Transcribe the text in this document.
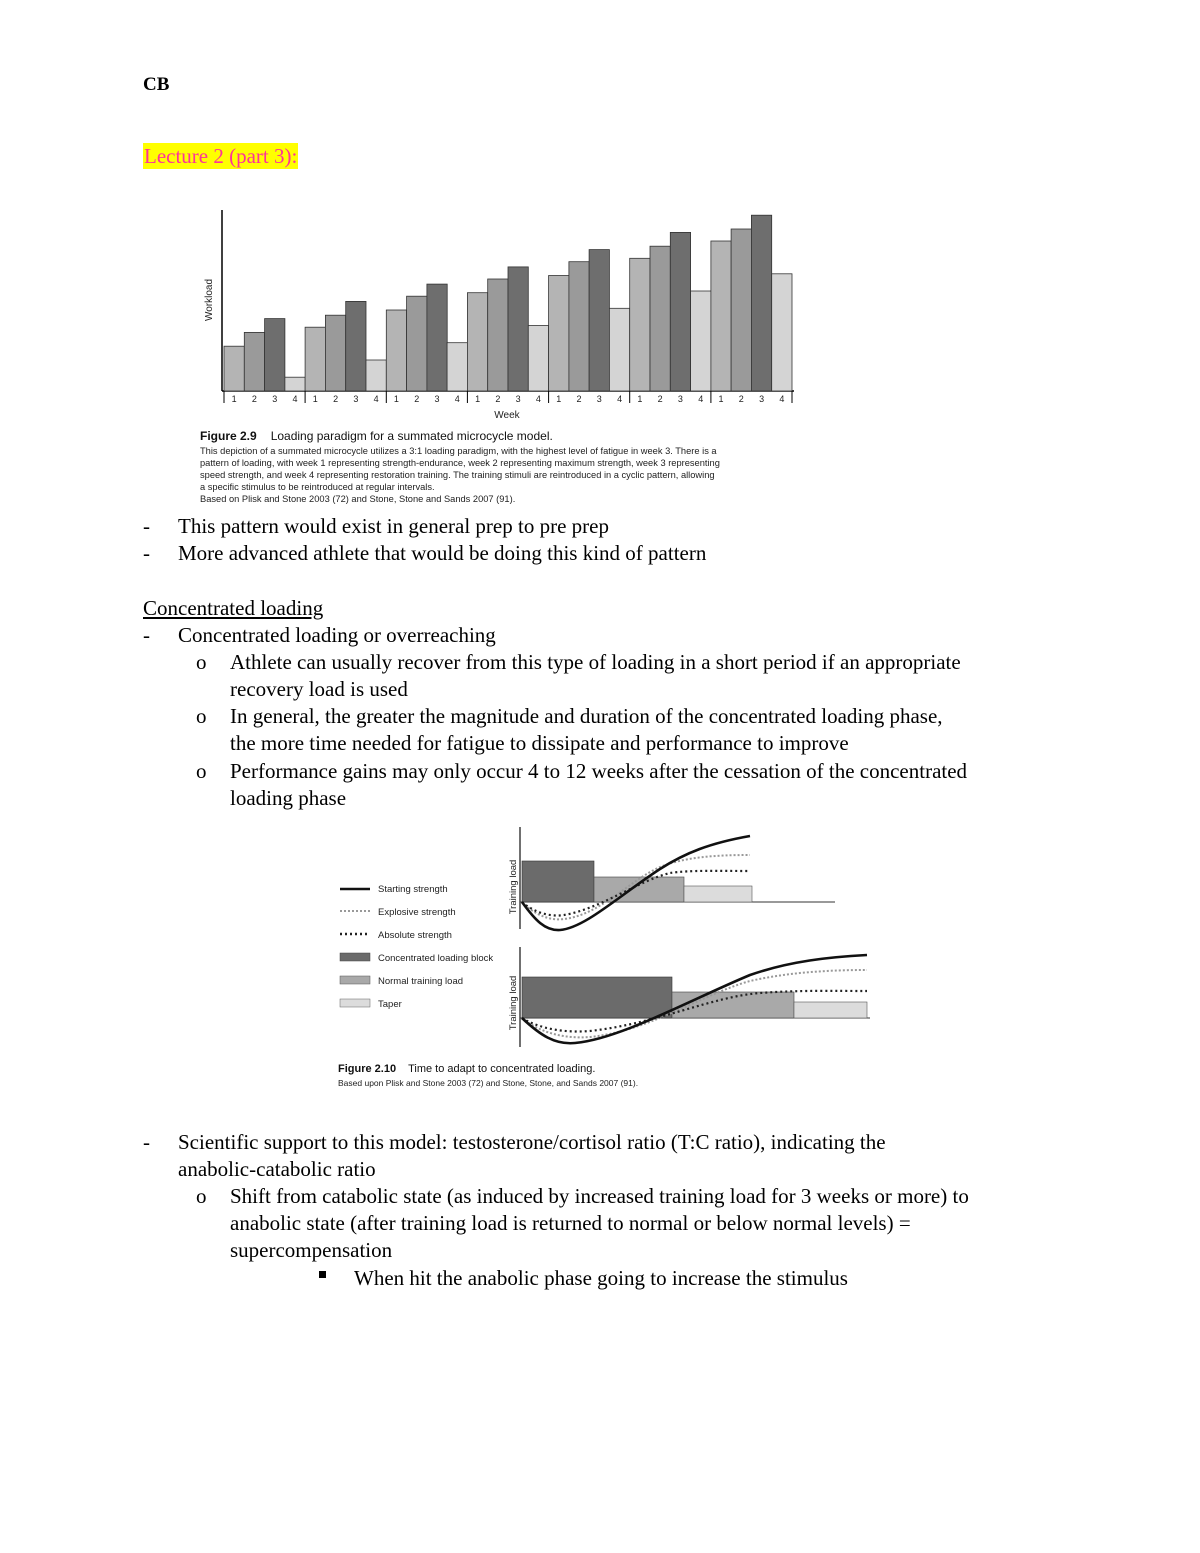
CB
Lecture 2 (part 3):
Workload
1 2 3 4 1 2 3 4 1 2 3 4 1 2 3 4 1 2 3 4 1 2 3 4 1 2 3 4
Week
Figure 2.9 Loading paradigm for a summated microcycle model.
This depiction of a summated microcycle utilizes a 3:1 loading paradigm, with the highest level of fatigue in week 3. There is a
pattern of loading, with week 1 representing strength-endurance, week 2 representing maximum strength, week 3 representing
speed strength, and week 4 representing restoration training. The training stimuli are reintroduced in a cyclic pattern, allowing
a specific stimulus to be reintroduced at regular intervals.
Based on Plisk and Stone 2003 (72) and Stone, Stone and Sands 2007 (91).
- This pattern would exist in general prep to pre prep
- More advanced athlete that would be doing this kind of pattern
Concentrated loading
- Concentrated loading or overreaching
o Athlete can usually recover from this type of loading in a short period if an appropriate
recovery load is used
o In general, the greater the magnitude and duration of the concentrated loading phase,
the more time needed for fatigue to dissipate and performance to improve
o Performance gains may only occur 4 to 12 weeks after the cessation of the concentrated
loading phase
Starting strength
Explosive strength
Absolute strength
Concentrated loading block
Normal training load
Taper
Training load
Training load
Figure 2.10 Time to adapt to concentrated loading.
Based upon Plisk and Stone 2003 (72) and Stone, Stone, and Sands 2007 (91).
- Scientific support to this model: testosterone/cortisol ratio (T:C ratio), indicating the
anabolic-catabolic ratio
o Shift from catabolic state (as induced by increased training load for 3 weeks or more) to
anabolic state (after training load is returned to normal or below normal levels) =
supercompensation
When hit the anabolic phase going to increase the stimulus
